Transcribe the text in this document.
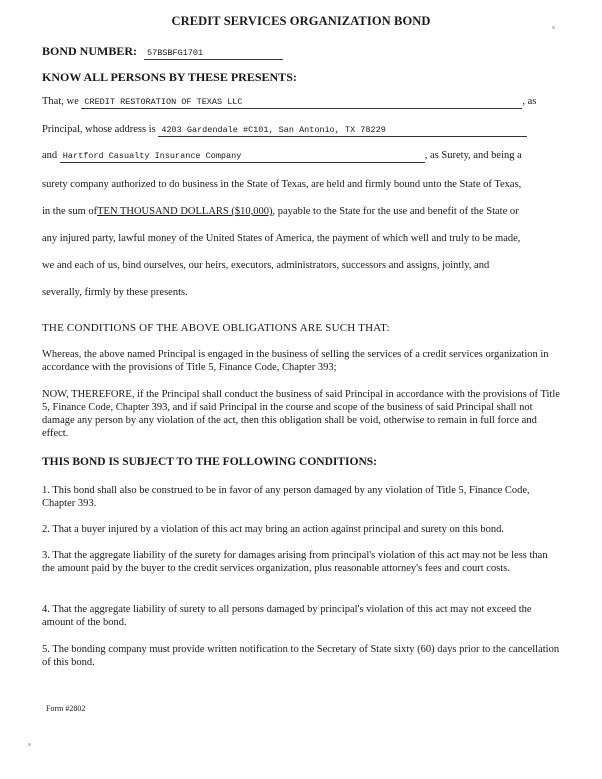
CREDIT SERVICES ORGANIZATION BOND
BOND NUMBER: 57BSBFG1701
KNOW ALL PERSONS BY THESE PRESENTS:
That, we CREDIT RESTORATION OF TEXAS LLC	, as
Principal, whose address is 4203 Gardendale #C101, San Antonio, TX 78229
and Hartford Casualty Insurance Company	, as Surety, and being a
surety company authorized to do business in the State of Texas, are held and firmly bound unto the State of Texas,
in the sum ofTEN THOUSAND DOLLARS ($10,000), payable to the State for the use and benefit of the State or
any injured party, lawful money of the United States of America, the payment of which well and truly to be made,
we and each of us, bind ourselves, our heirs, executors, administrators, successors and assigns, jointly, and
severally, firmly by these presents.
THE CONDITIONS OF THE ABOVE OBLIGATIONS ARE SUCH THAT:
Whereas, the above named Principal is engaged in the business of selling the services of a credit services organization in accordance with the provisions of Title 5, Finance Code, Chapter 393;
NOW, THEREFORE, if the Principal shall conduct the business of said Principal in accordance with the provisions of Title 5, Finance Code, Chapter 393, and if said Principal in the course and scope of the business of said Principal shall not damage any person by any violation of the act, then this obligation shall be void, otherwise to remain in full force and effect.
THIS BOND IS SUBJECT TO THE FOLLOWING CONDITIONS:
1. This bond shall also be construed to be in favor of any person damaged by any violation of Title 5, Finance Code, Chapter 393.
2. That a buyer injured by a violation of this act may bring an action against principal and surety on this bond.
3. That the aggregate liability of the surety for damages arising from principal's violation of this act may not be less than the amount paid by the buyer to the credit services organization, plus reasonable attorney's fees and court costs.
4. That the aggregate liability of surety to all persons damaged by principal's violation of this act may not exceed the amount of the bond.
5. The bonding company must provide written notification to the Secretary of State sixty (60) days prior to the cancellation of this bond.
Form #2802
